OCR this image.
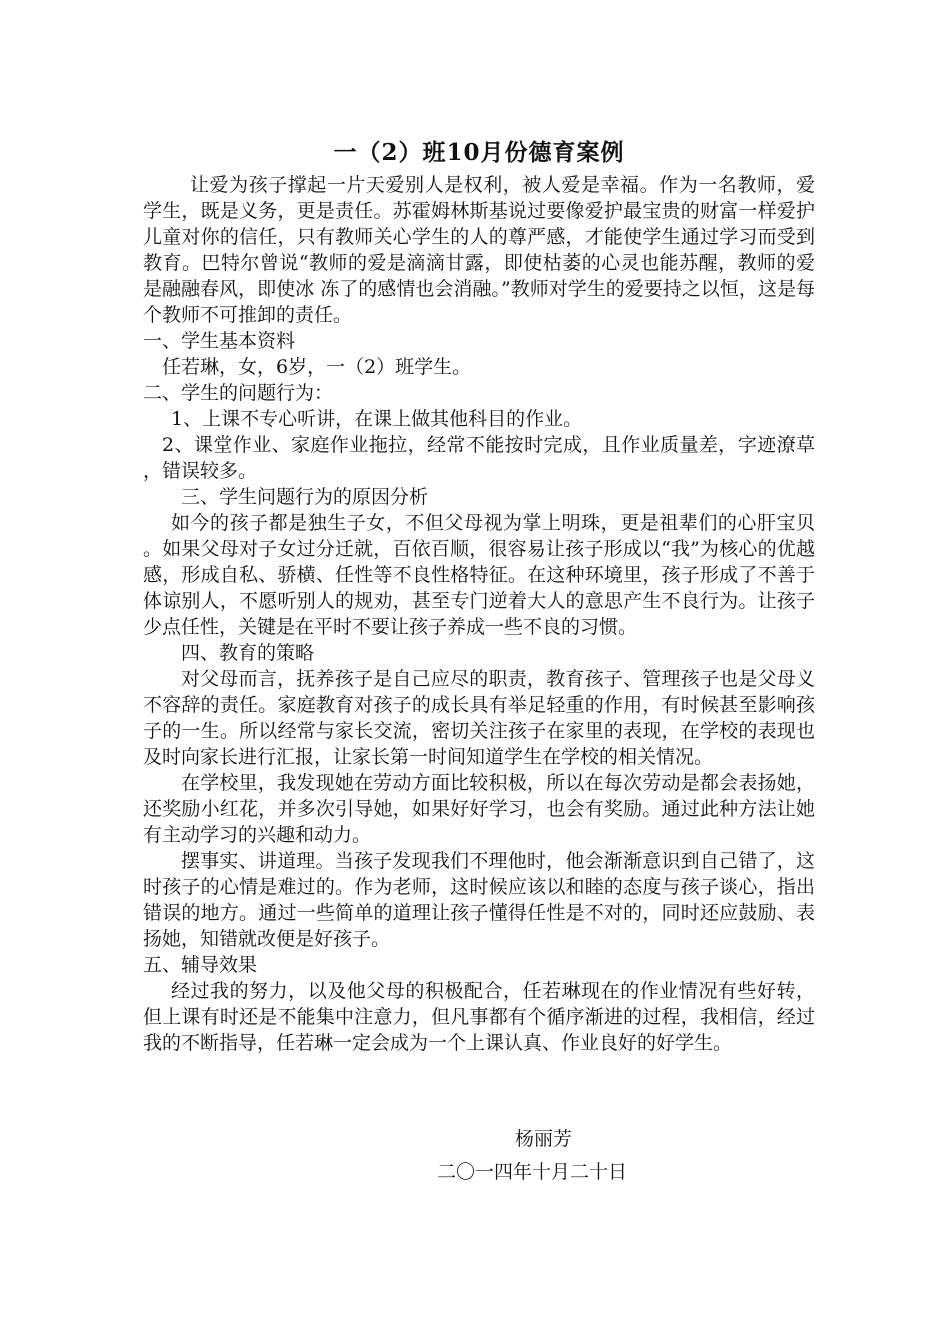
一（2）班10月份德育案例

让爱为孩子撑起一片天爱别人是权利，被人爱是幸福。作为一名教师，爱学生，既是义务，更是责任。苏霍姆林斯基说过要像爱护最宝贵的财富一样爱护儿童对你的信任，只有教师关心学生的人的尊严感，才能使学生通过学习而受到教育。巴特尔曾说“教师的爱是滴滴甘露，即使枯萎的心灵也能苏醒，教师的爱是融融春风，即使冰 冻了的感情也会消融。”教师对学生的爱要持之以恒，这是每个教师不可推卸的责任。

一、学生基本资料

任若琳，女，6岁，一（2）班学生。

二、学生的问题行为：

1、上课不专心听讲，在课上做其他科目的作业。

2、课堂作业、家庭作业拖拉，经常不能按时完成，且作业质量差，字迹潦草，错误较多。

三、学生问题行为的原因分析

如今的孩子都是独生子女，不但父母视为掌上明珠，更是祖辈们的心肝宝贝。如果父母对子女过分迁就，百依百顺，很容易让孩子形成以“我”为核心的优越感，形成自私、骄横、任性等不良性格特征。在这种环境里，孩子形成了不善于体谅别人，不愿听别人的规劝，甚至专门逆着大人的意思产生不良行为。让孩子少点任性，关键是在平时不要让孩子养成一些不良的习惯。

四、教育的策略

对父母而言，抚养孩子是自己应尽的职责，教育孩子、管理孩子也是父母义不容辞的责任。家庭教育对孩子的成长具有举足轻重的作用，有时候甚至影响孩子的一生。所以经常与家长交流，密切关注孩子在家里的表现，在学校的表现也及时向家长进行汇报，让家长第一时间知道学生在学校的相关情况。

在学校里，我发现她在劳动方面比较积极，所以在每次劳动是都会表扬她，还奖励小红花，并多次引导她，如果好好学习，也会有奖励。通过此种方法让她有主动学习的兴趣和动力。

摆事实、讲道理。当孩子发现我们不理他时，他会渐渐意识到自己错了，这时孩子的心情是难过的。作为老师，这时候应该以和睦的态度与孩子谈心，指出错误的地方。通过一些简单的道理让孩子懂得任性是不对的，同时还应鼓励、表扬她，知错就改便是好孩子。

五、辅导效果

经过我的努力，以及他父母的积极配合，任若琳现在的作业情况有些好转，但上课有时还是不能集中注意力，但凡事都有个循序渐进的过程，我相信，经过我的不断指导，任若琳一定会成为一个上课认真、作业良好的好学生。

杨丽芳
二〇一四年十月二十日
